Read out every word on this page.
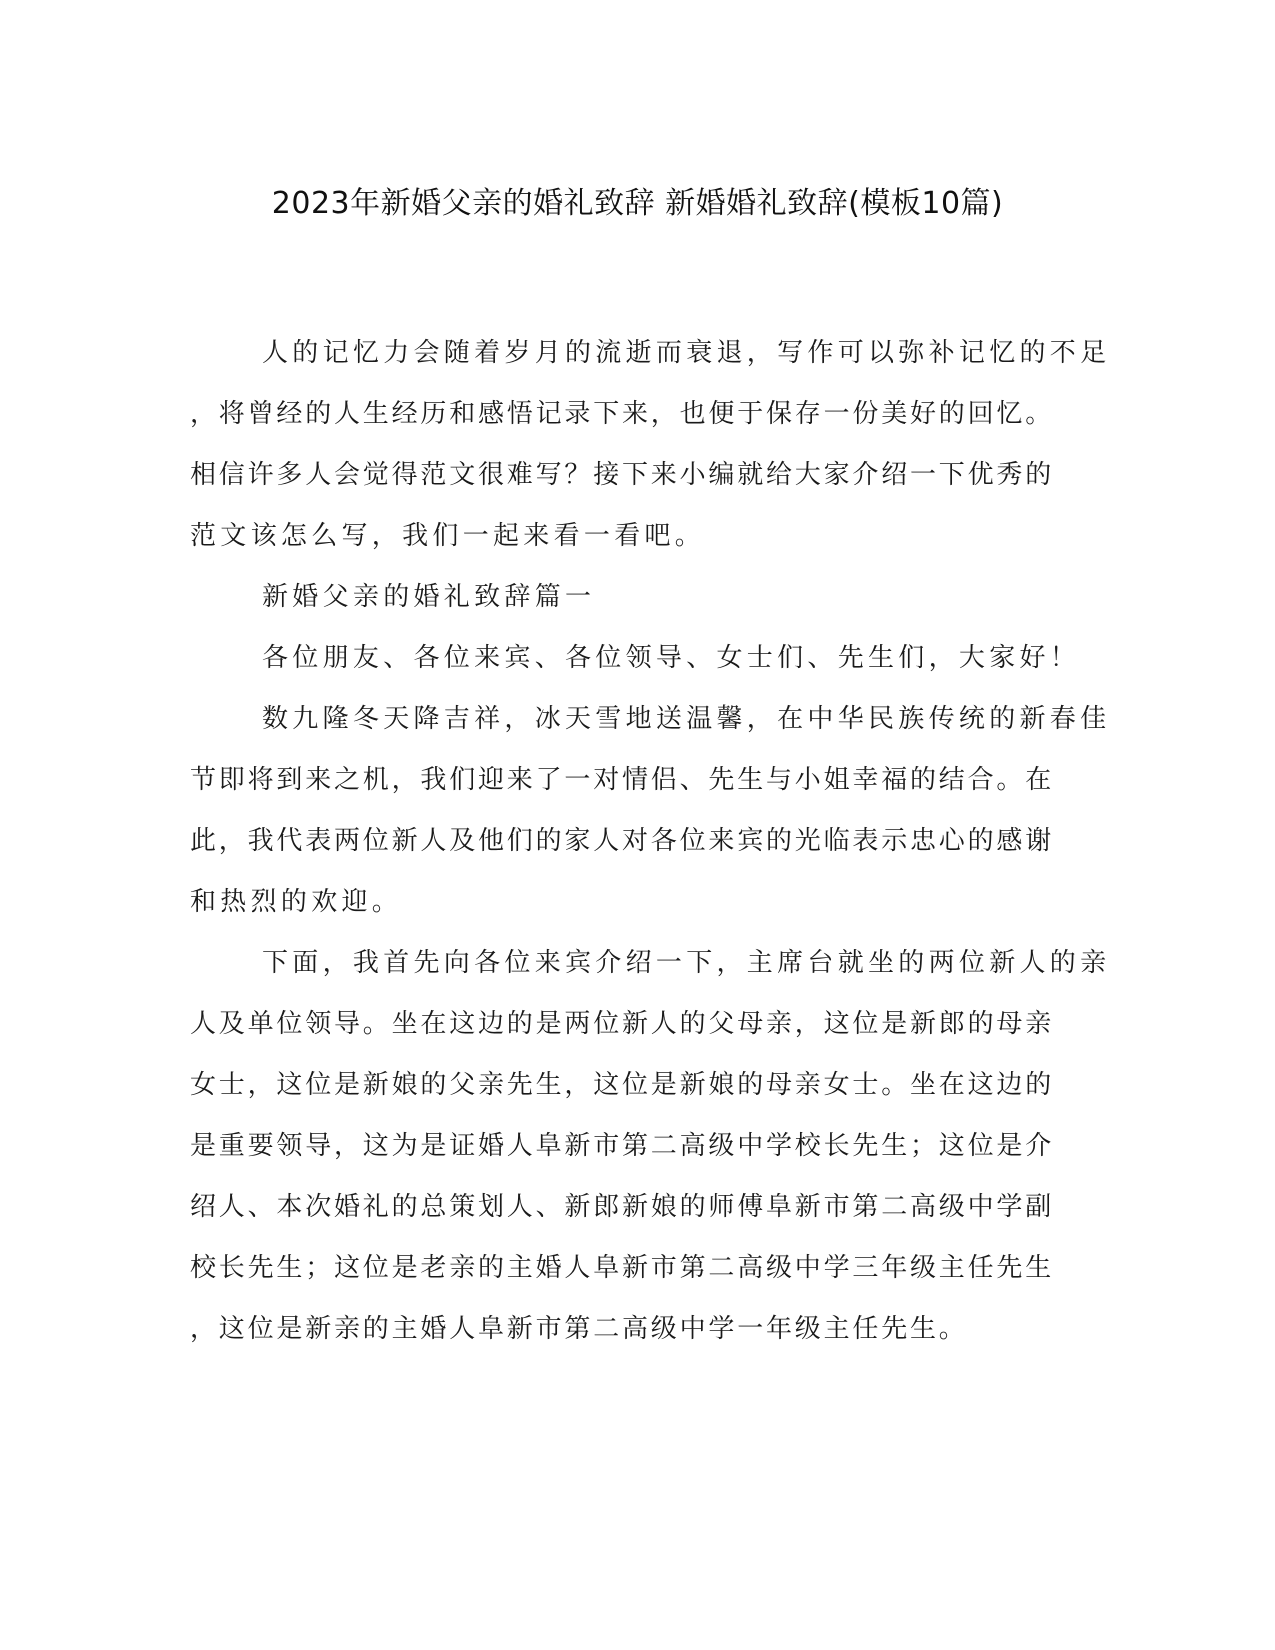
2023年新婚父亲的婚礼致辞 新婚婚礼致辞(模板10篇)
人的记忆力会随着岁月的流逝而衰退，写作可以弥补记忆的不足
，将曾经的人生经历和感悟记录下来，也便于保存一份美好的回忆。
相信许多人会觉得范文很难写？接下来小编就给大家介绍一下优秀的
范文该怎么写，我们一起来看一看吧。
新婚父亲的婚礼致辞篇一
各位朋友、各位来宾、各位领导、女士们、先生们，大家好！
数九隆冬天降吉祥，冰天雪地送温馨，在中华民族传统的新春佳
节即将到来之机，我们迎来了一对情侣、先生与小姐幸福的结合。在
此，我代表两位新人及他们的家人对各位来宾的光临表示忠心的感谢
和热烈的欢迎。
下面，我首先向各位来宾介绍一下，主席台就坐的两位新人的亲
人及单位领导。坐在这边的是两位新人的父母亲，这位是新郎的母亲
女士，这位是新娘的父亲先生，这位是新娘的母亲女士。坐在这边的
是重要领导，这为是证婚人阜新市第二高级中学校长先生；这位是介
绍人、本次婚礼的总策划人、新郎新娘的师傅阜新市第二高级中学副
校长先生；这位是老亲的主婚人阜新市第二高级中学三年级主任先生
，这位是新亲的主婚人阜新市第二高级中学一年级主任先生。
